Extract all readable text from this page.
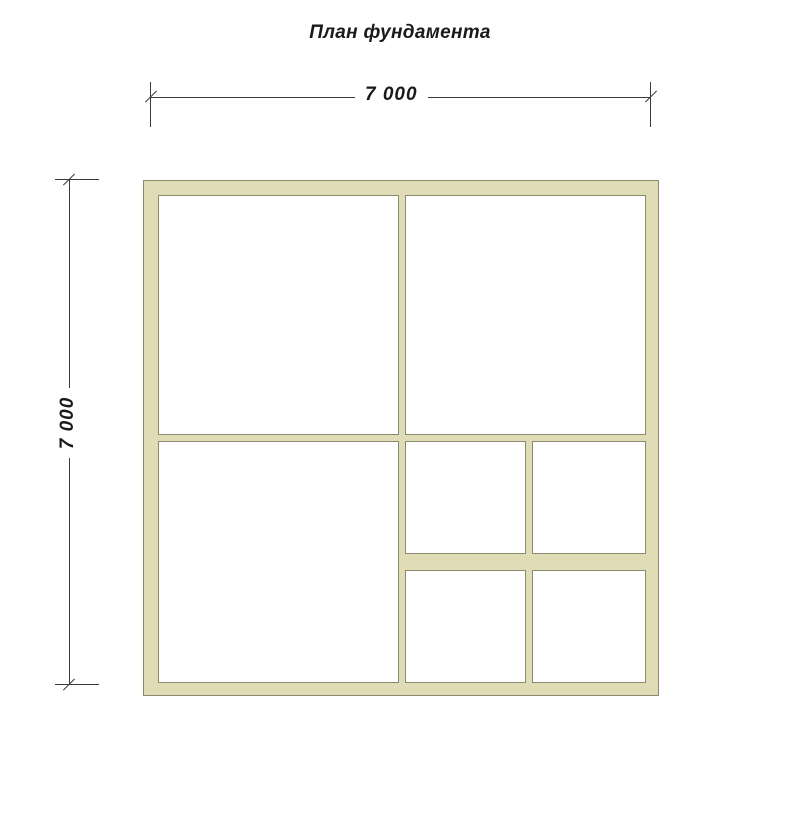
План фундамента
7 000
7 000
